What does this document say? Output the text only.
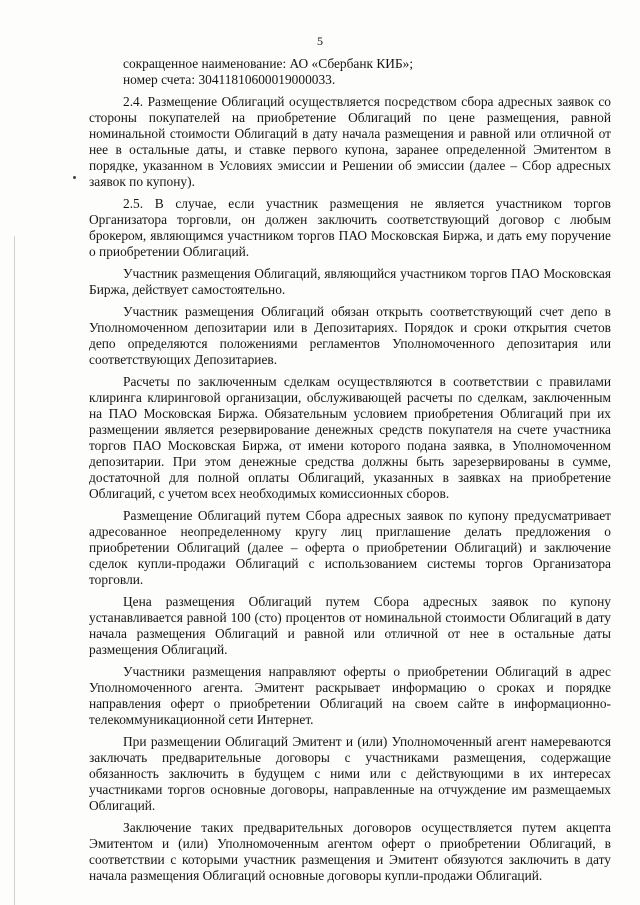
5

сокращенное наименование: АО «Сбербанк КИБ»;

номер счета: 30411810600019000033.

2.4. Размещение Облигаций осуществляется посредством сбора адресных заявок со стороны покупателей на приобретение Облигаций по цене размещения, равной номинальной стоимости Облигаций в дату начала размещения и равной или отличной от нее в остальные даты, и ставке первого купона, заранее определенной Эмитентом в порядке, указанном в Условиях эмиссии и Решении об эмиссии (далее – Сбор адресных заявок по купону).

2.5. В случае, если участник размещения не является участником торгов Организатора торговли, он должен заключить соответствующий договор с любым брокером, являющимся участником торгов ПАО Московская Биржа, и дать ему поручение о приобретении Облигаций.

Участник размещения Облигаций, являющийся участником торгов ПАО Московская Биржа, действует самостоятельно.

Участник размещения Облигаций обязан открыть соответствующий счет депо в Уполномоченном депозитарии или в Депозитариях. Порядок и сроки открытия счетов депо определяются положениями регламентов Уполномоченного депозитария или соответствующих Депозитариев.

Расчеты по заключенным сделкам осуществляются в соответствии с правилами клиринга клиринговой организации, обслуживающей расчеты по сделкам, заключенным на ПАО Московская Биржа. Обязательным условием приобретения Облигаций при их размещении является резервирование денежных средств покупателя на счете участника торгов ПАО Московская Биржа, от имени которого подана заявка, в Уполномоченном депозитарии. При этом денежные средства должны быть зарезервированы в сумме, достаточной для полной оплаты Облигаций, указанных в заявках на приобретение Облигаций, с учетом всех необходимых комиссионных сборов.

Размещение Облигаций путем Сбора адресных заявок по купону предусматривает адресованное неопределенному кругу лиц приглашение делать предложения о приобретении Облигаций (далее – оферта о приобретении Облигаций) и заключение сделок купли-продажи Облигаций с использованием системы торгов Организатора торговли.

Цена размещения Облигаций путем Сбора адресных заявок по купону устанавливается равной 100 (сто) процентов от номинальной стоимости Облигаций в дату начала размещения Облигаций и равной или отличной от нее в остальные даты размещения Облигаций.

Участники размещения направляют оферты о приобретении Облигаций в адрес Уполномоченного агента. Эмитент раскрывает информацию о сроках и порядке направления оферт о приобретении Облигаций на своем сайте в информационно-телекоммуникационной сети Интернет.

При размещении Облигаций Эмитент и (или) Уполномоченный агент намереваются заключать предварительные договоры с участниками размещения, содержащие обязанность заключить в будущем с ними или с действующими в их интересах участниками торгов основные договоры, направленные на отчуждение им размещаемых Облигаций.

Заключение таких предварительных договоров осуществляется путем акцепта Эмитентом и (или) Уполномоченным агентом оферт о приобретении Облигаций, в соответствии с которыми участник размещения и Эмитент обязуются заключить в дату начала размещения Облигаций основные договоры купли-продажи Облигаций.
